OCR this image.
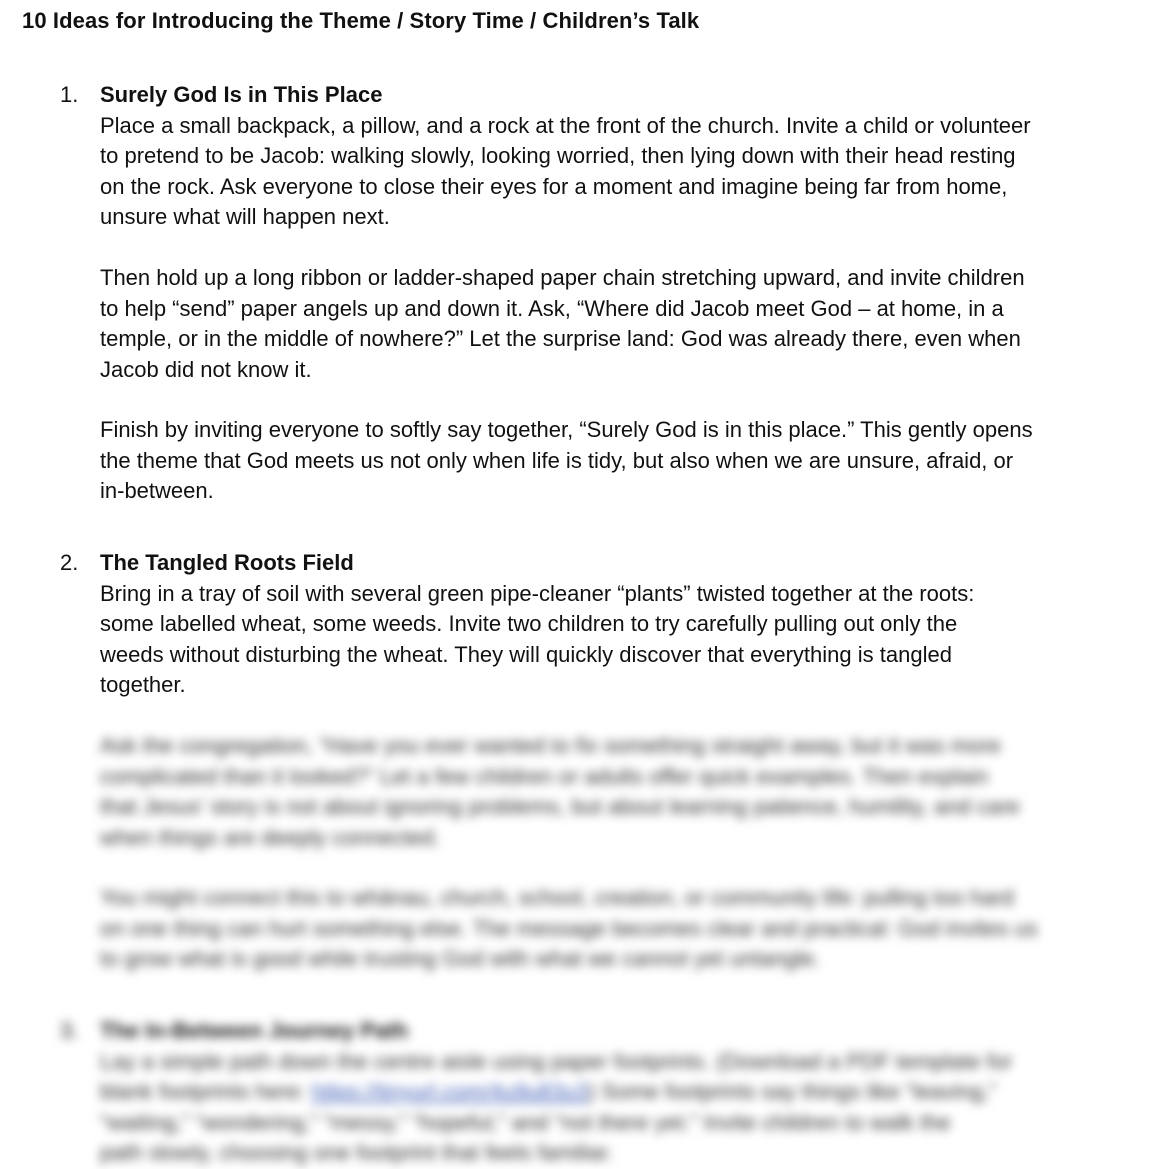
10 Ideas for Introducing the Theme / Story Time / Children’s Talk
1. Surely God Is in This Place
Place a small backpack, a pillow, and a rock at the front of the church. Invite a child or volunteer
to pretend to be Jacob: walking slowly, looking worried, then lying down with their head resting
on the rock. Ask everyone to close their eyes for a moment and imagine being far from home,
unsure what will happen next.
Then hold up a long ribbon or ladder-shaped paper chain stretching upward, and invite children
to help “send” paper angels up and down it. Ask, “Where did Jacob meet God – at home, in a
temple, or in the middle of nowhere?” Let the surprise land: God was already there, even when
Jacob did not know it.
Finish by inviting everyone to softly say together, “Surely God is in this place.” This gently opens
the theme that God meets us not only when life is tidy, but also when we are unsure, afraid, or
in-between.
2. The Tangled Roots Field
Bring in a tray of soil with several green pipe-cleaner “plants” twisted together at the roots:
some labelled wheat, some weeds. Invite two children to try carefully pulling out only the
weeds without disturbing the wheat. They will quickly discover that everything is tangled
together.
Ask the congregation, “Have you ever wanted to fix something straight away, but it was more
complicated than it looked?” Let a few children or adults offer quick examples. Then explain
that Jesus’ story is not about ignoring problems, but about learning patience, humility, and care
when things are deeply connected.
You might connect this to whānau, church, school, creation, or community life: pulling too hard
on one thing can hurt something else. The message becomes clear and practical: God invites us
to grow what is good while trusting God with what we cannot yet untangle.
3. The In-Between Journey Path
Lay a simple path down the centre aisle using paper footprints. (Download a PDF template for
blank footprints here: https://tinyurl.com/4u9u83u3) Some footprints say things like “leaving,”
“waiting,” “wondering,” “messy,” “hopeful,” and “not there yet.” Invite children to walk the
path slowly, choosing one footprint that feels familiar.
